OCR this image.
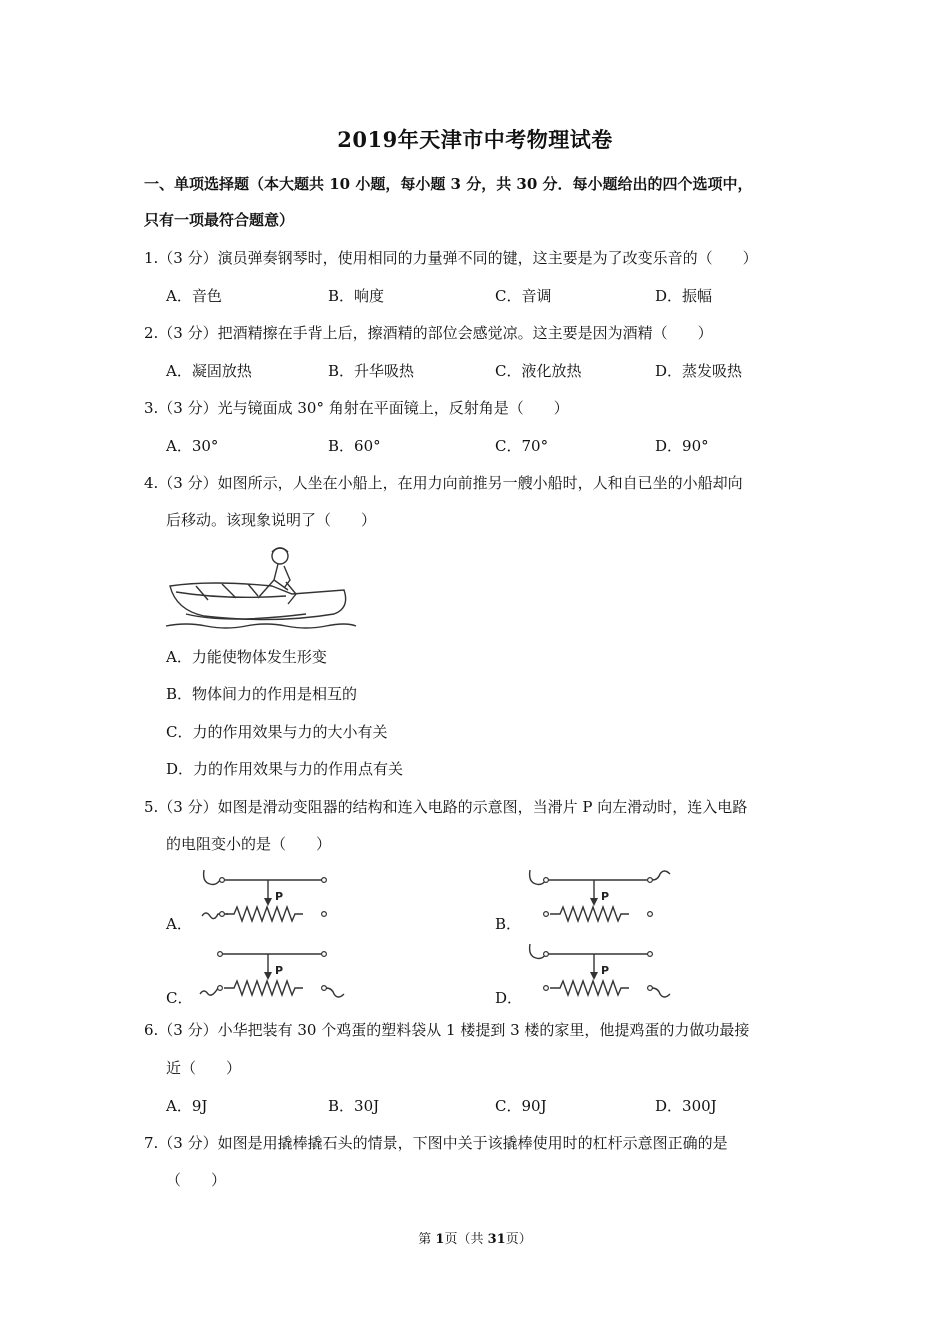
2019年天津市中考物理试卷
一、单项选择题（本大题共 10 小题，每小题 3 分，共 30 分．每小题给出的四个选项中，
只有一项最符合题意）
1.（3 分）演员弹奏钢琴时，使用相同的力量弹不同的键，这主要是为了改变乐音的（　　）
A．音色	B．响度	C．音调	D．振幅
2.（3 分）把酒精擦在手背上后，擦酒精的部位会感觉凉。这主要是因为酒精（　　）
A．凝固放热	B．升华吸热	C．液化放热	D．蒸发吸热
3.（3 分）光与镜面成 30° 角射在平面镜上，反射角是（　　）
A．30°	B．60°	C．70°	D．90°
4.（3 分）如图所示，人坐在小船上，在用力向前推另一艘小船时，人和自已坐的小船却向
后移动。该现象说明了（　　）
A．力能使物体发生形变
B．物体间力的作用是相互的
C．力的作用效果与力的大小有关
D．力的作用效果与力的作用点有关
5.（3 分）如图是滑动变阻器的结构和连入电路的示意图，当滑片 P 向左滑动时，连入电路
的电阻变小的是（　　）
A．
P
B．
P
C．
P
D．
P
6.（3 分）小华把装有 30 个鸡蛋的塑料袋从 1 楼提到 3 楼的家里，他提鸡蛋的力做功最接
近（　　）
A．9J	B．30J	C．90J	D．300J
7.（3 分）如图是用撬棒撬石头的情景，下图中关于该撬棒使用时的杠杆示意图正确的是
（　　）
第 1页（共 31页）
